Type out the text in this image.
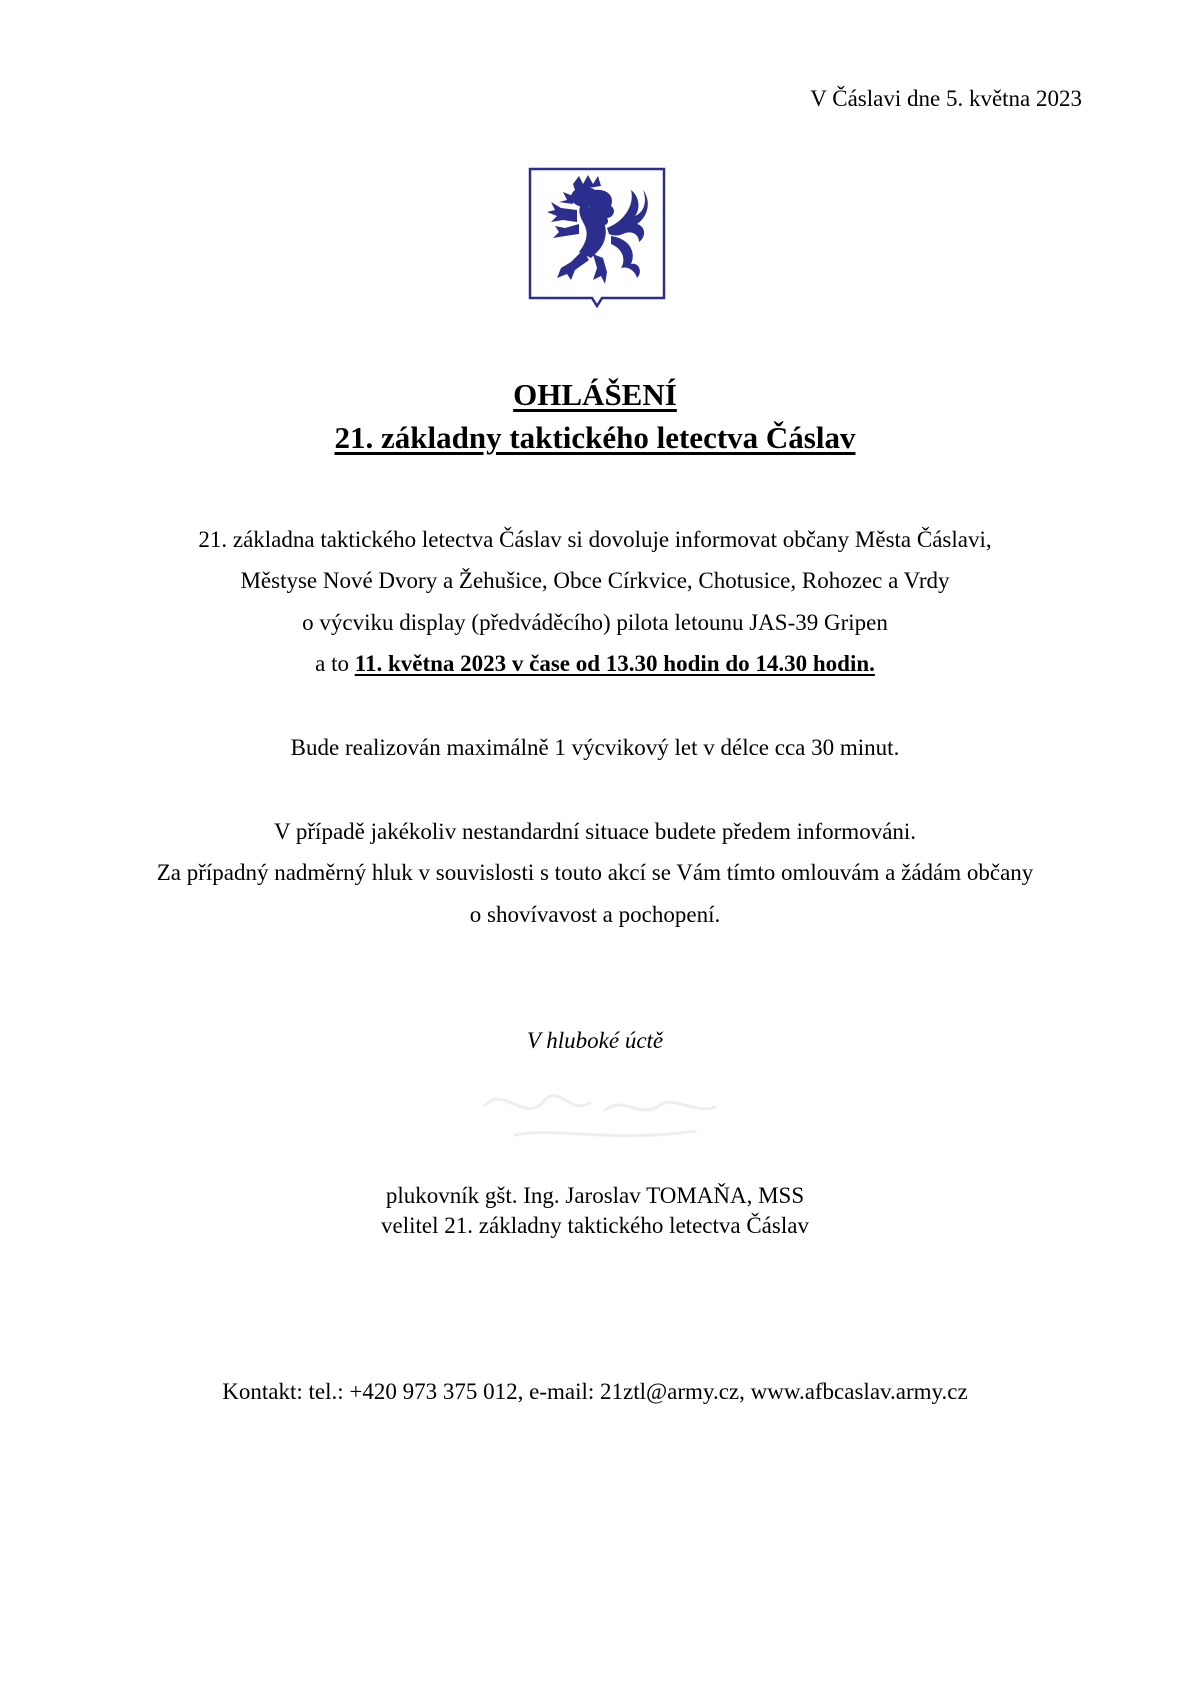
V Čáslavi dne 5. května 2023
OHLÁŠENÍ
21. základny taktického letectva Čáslav
21. základna taktického letectva Čáslav si dovoluje informovat občany Města Čáslavi,
Městyse Nové Dvory a Žehušice, Obce Církvice, Chotusice, Rohozec a Vrdy
o výcviku display (předváděcího) pilota letounu JAS-39 Gripen
a to 11. května 2023 v čase od 13.30 hodin do 14.30 hodin.
Bude realizován maximálně 1 výcvikový let v délce cca 30 minut.
V případě jakékoliv nestandardní situace budete předem informováni.
Za případný nadměrný hluk v souvislosti s touto akcí se Vám tímto omlouvám a žádám občany
o shovívavost a pochopení.
V hluboké úctě
plukovník gšt. Ing. Jaroslav TOMAŇA, MSS
velitel 21. základny taktického letectva Čáslav
Kontakt: tel.: +420 973 375 012, e-mail: 21ztl@army.cz, www.afbcaslav.army.cz
